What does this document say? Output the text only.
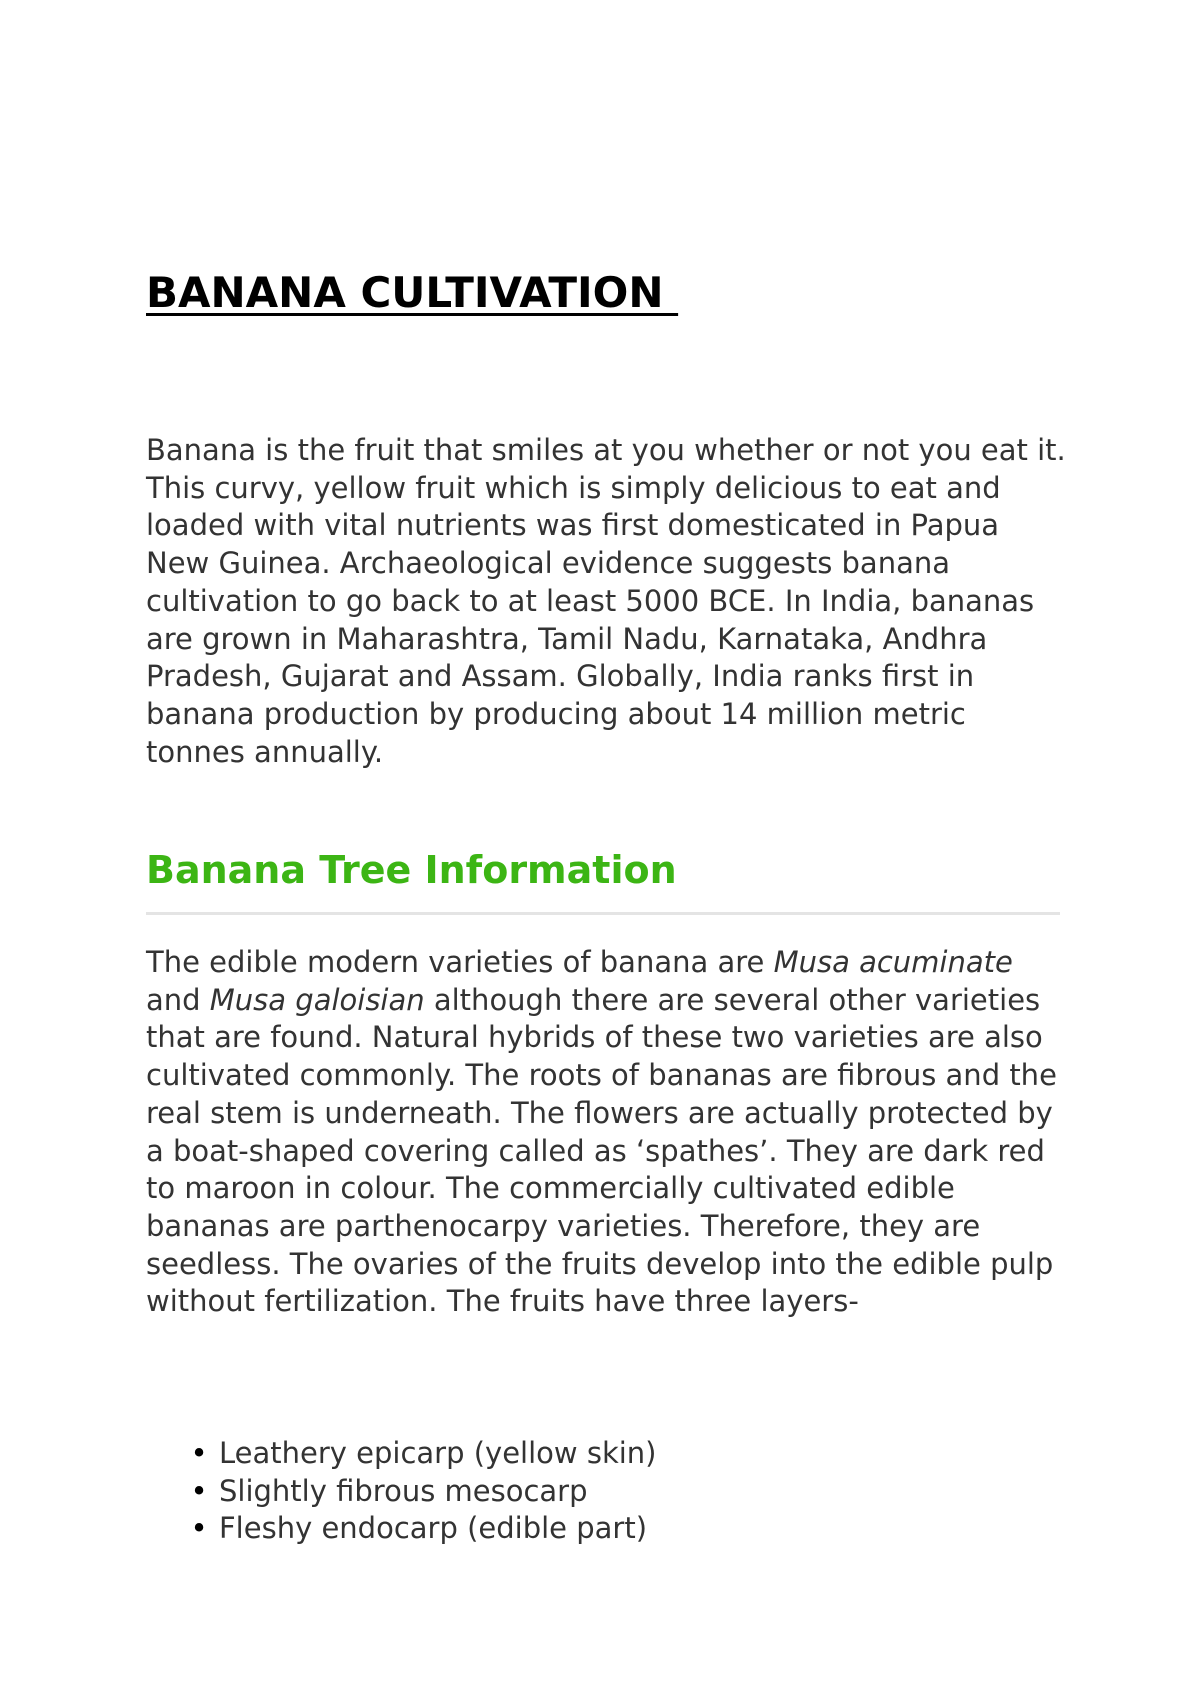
BANANA CULTIVATION

Banana is the fruit that smiles at you whether or not you eat it. This curvy, yellow fruit which is simply delicious to eat and loaded with vital nutrients was first domesticated in Papua New Guinea. Archaeological evidence suggests banana cultivation to go back to at least 5000 BCE. In India, bananas are grown in Maharashtra, Tamil Nadu, Karnataka, Andhra Pradesh, Gujarat and Assam. Globally, India ranks first in banana production by producing about 14 million metric tonnes annually.

Banana Tree Information

The edible modern varieties of banana are Musa acuminate and Musa galoisian although there are several other varieties that are found. Natural hybrids of these two varieties are also cultivated commonly. The roots of bananas are fibrous and the real stem is underneath. The flowers are actually protected by a boat-shaped covering called as ‘spathes’. They are dark red to maroon in colour. The commercially cultivated edible bananas are parthenocarpy varieties. Therefore, they are seedless. The ovaries of the fruits develop into the edible pulp without fertilization. The fruits have three layers-

• Leathery epicarp (yellow skin)
• Slightly fibrous mesocarp
• Fleshy endocarp (edible part)
